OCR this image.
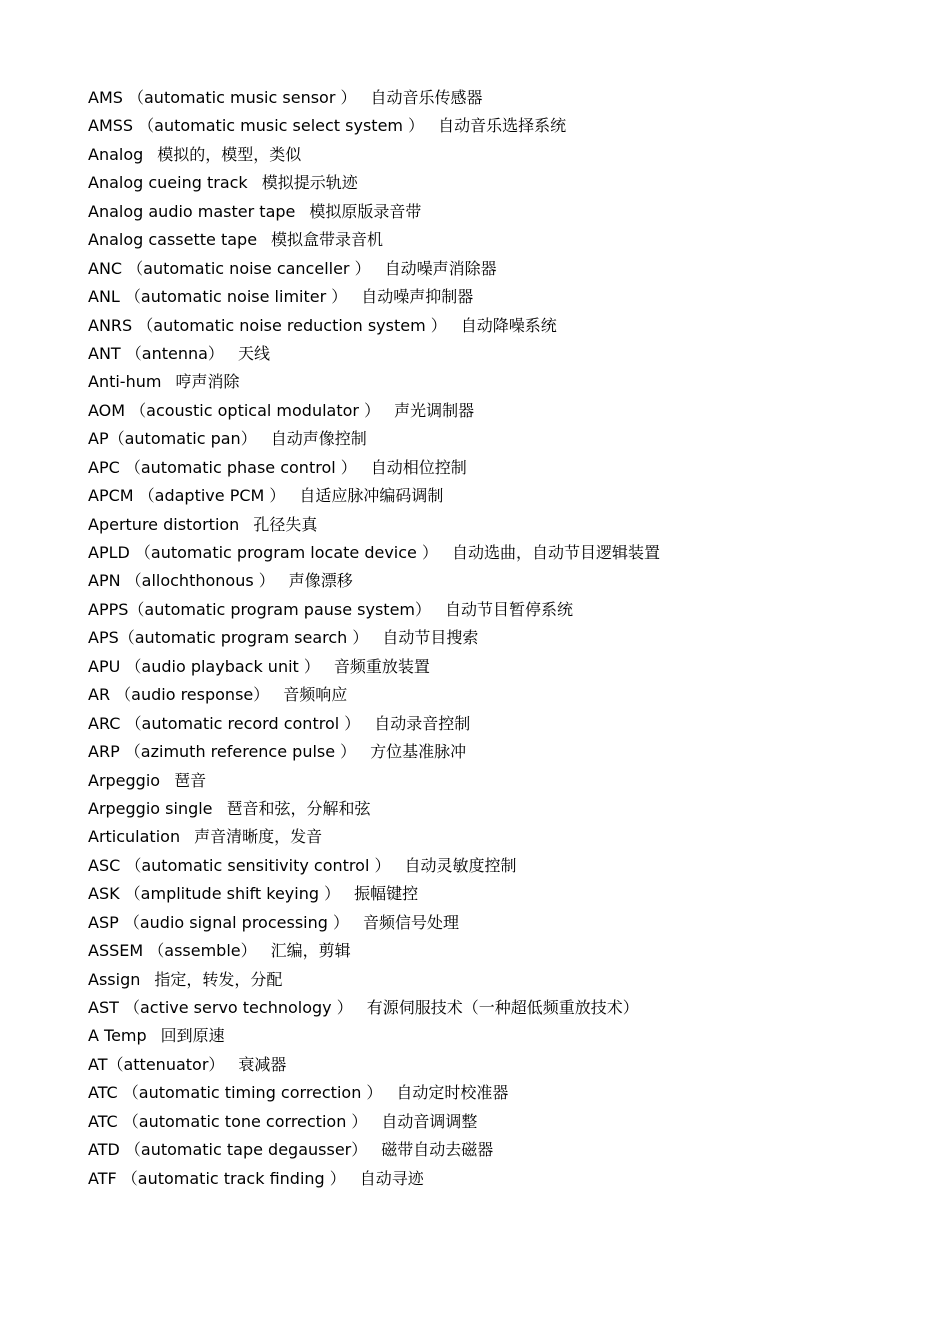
AMS （automatic music sensor ） 自动音乐传感器
AMSS （automatic music select system ） 自动音乐选择系统
Analog 模拟的，模型，类似
Analog cueing track 模拟提示轨迹
Analog audio master tape 模拟原版录音带
Analog cassette tape 模拟盒带录音机
ANC （automatic noise canceller ） 自动噪声消除器
ANL （automatic noise limiter ） 自动噪声抑制器
ANRS （automatic noise reduction system ） 自动降噪系统
ANT （antenna） 天线
Anti-hum 哼声消除
AOM （acoustic optical modulator ） 声光调制器
AP（automatic pan） 自动声像控制
APC （automatic phase control ） 自动相位控制
APCM （adaptive PCM ） 自适应脉冲编码调制
Aperture distortion 孔径失真
APLD （automatic program locate device ） 自动选曲，自动节目逻辑装置
APN （allochthonous ） 声像漂移
APPS（automatic program pause system） 自动节目暂停系统
APS（automatic program search ） 自动节目搜索
APU （audio playback unit ） 音频重放装置
AR （audio response） 音频响应
ARC （automatic record control ） 自动录音控制
ARP （azimuth reference pulse ） 方位基准脉冲
Arpeggio 琶音
Arpeggio single 琶音和弦，分解和弦
Articulation 声音清晰度，发音
ASC （automatic sensitivity control ） 自动灵敏度控制
ASK （amplitude shift keying ） 振幅键控
ASP （audio signal processing ） 音频信号处理
ASSEM （assemble） 汇编，剪辑
Assign 指定，转发，分配
AST （active servo technology ） 有源伺服技术（一种超低频重放技术）
A Temp 回到原速
AT（attenuator） 衰减器
ATC （automatic timing correction ） 自动定时校准器
ATC （automatic tone correction ） 自动音调调整
ATD （automatic tape degausser） 磁带自动去磁器
ATF （automatic track finding ） 自动寻迹
